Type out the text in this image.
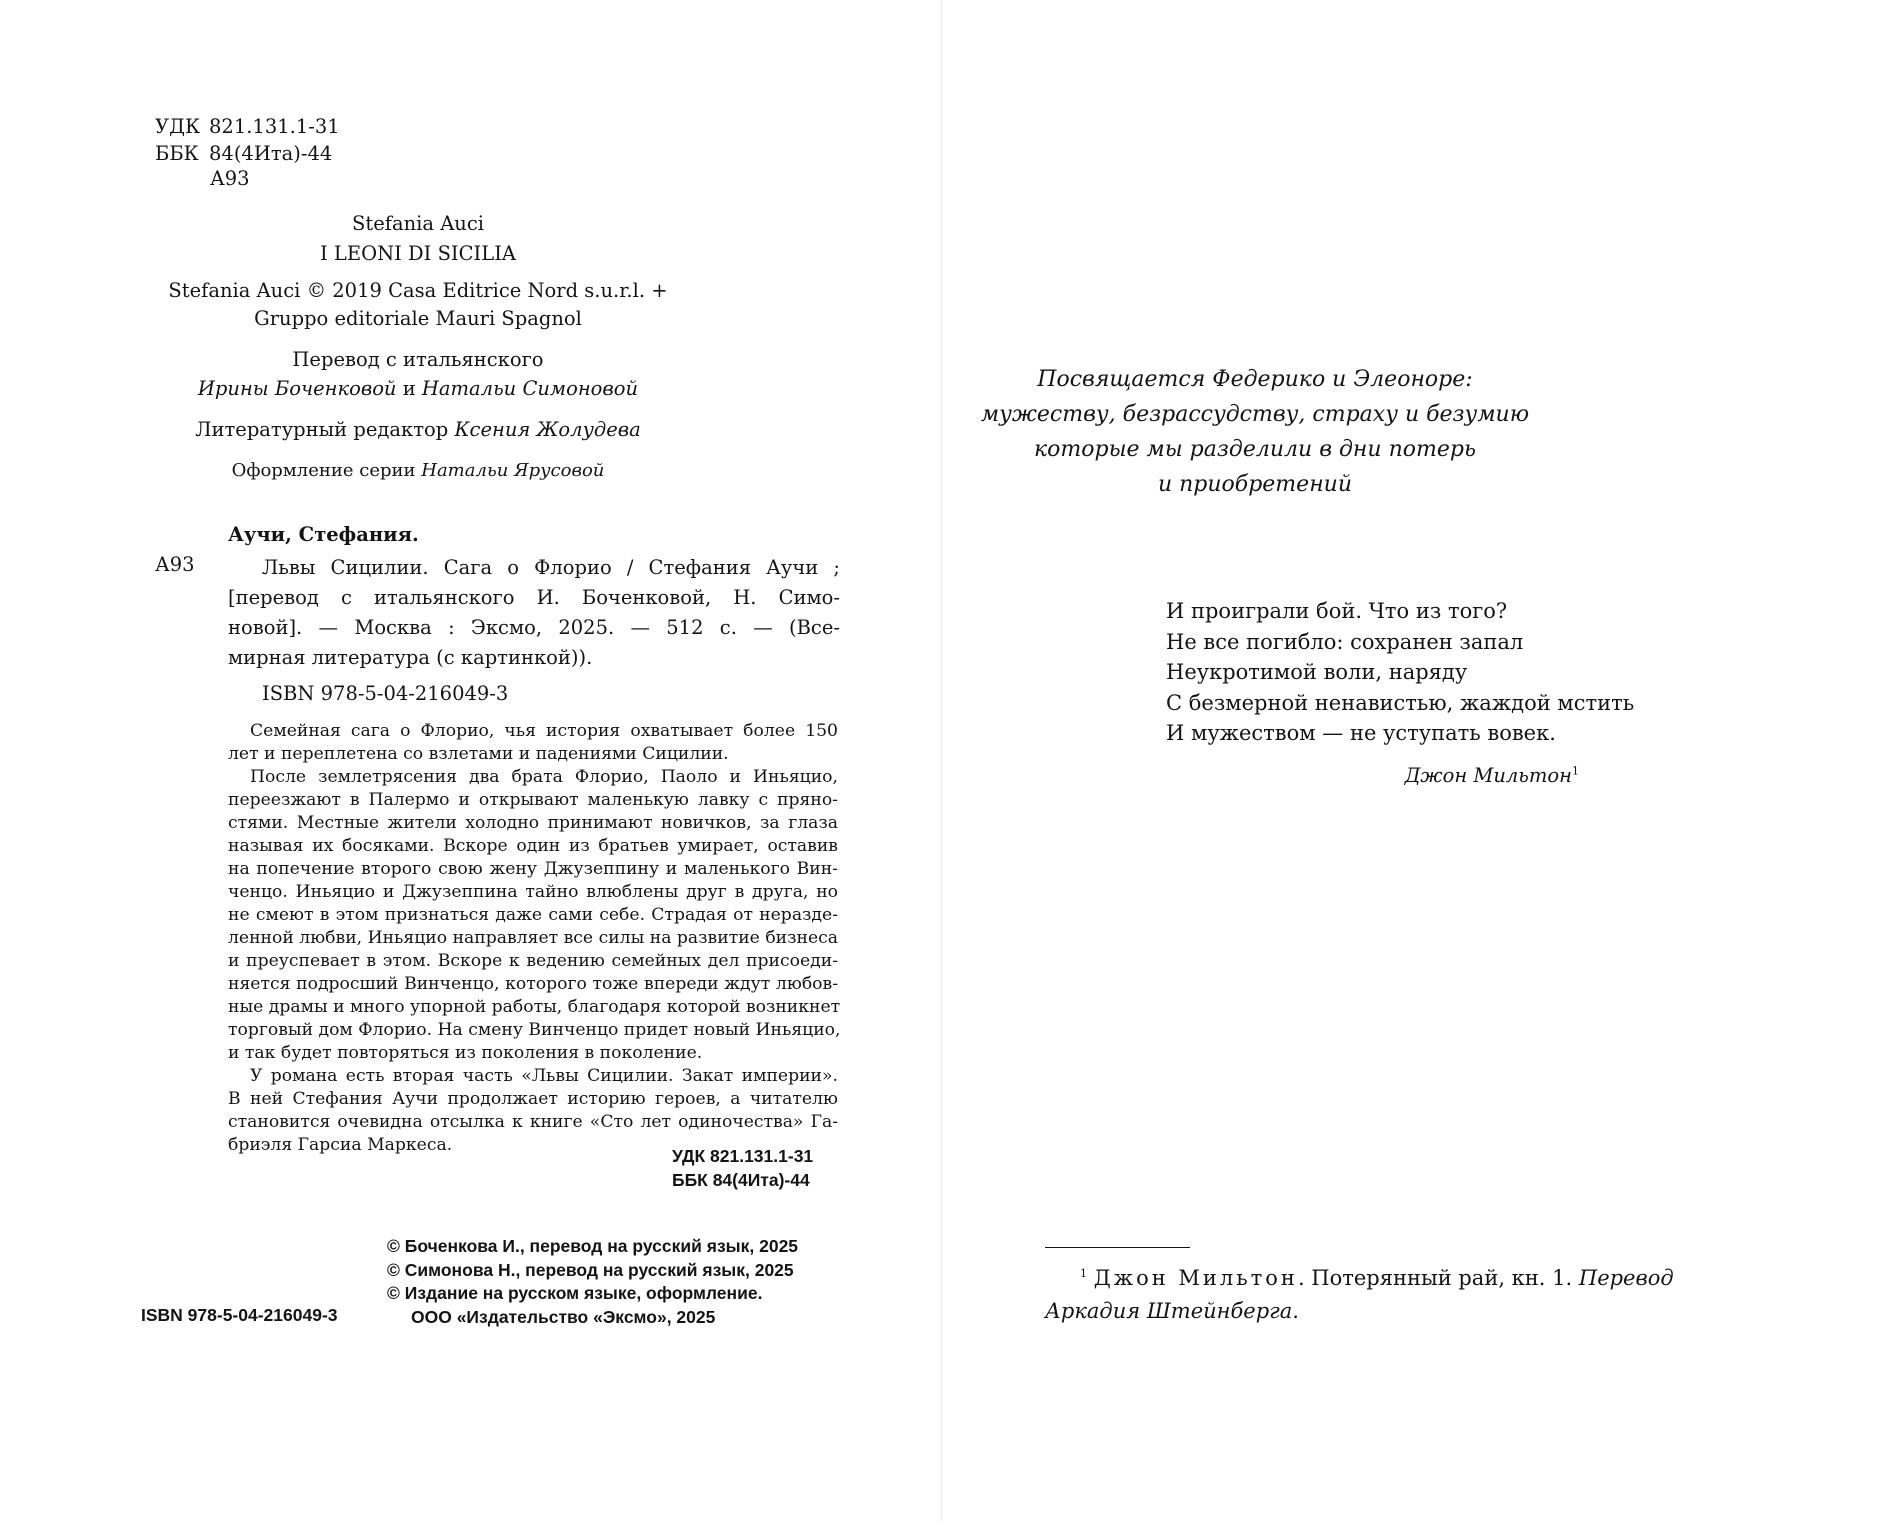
УДК 821.131.1-31
ББК 84(4Ита)-44
А93
Stefania Auci
I LEONI DI SICILIA
Stefania Auci © 2019 Casa Editrice Nord s.u.r.l. +
Gruppo editoriale Mauri Spagnol
Перевод с итальянского
Ирины Боченковой и Натальи Симоновой
Литературный редактор Ксения Жолудева
Оформление серии Натальи Ярусовой
Аучи, Стефания.
А93	Львы Сицилии. Сага о Флорио / Стефания Аучи ;
[перевод с итальянского И. Боченковой, Н. Симо-
новой]. — Москва : Эксмо, 2025. — 512 с. — (Все-
мирная литература (с картинкой)).
ISBN 978-5-04-216049-3
Семейная сага о Флорио, чья история охватывает более 150
лет и переплетена со взлетами и падениями Сицилии.
После землетрясения два брата Флорио, Паоло и Иньяцио,
переезжают в Палермо и открывают маленькую лавку с пряно-
стями. Местные жители холодно принимают новичков, за глаза
называя их босяками. Вскоре один из братьев умирает, оставив
на попечение второго свою жену Джузеппину и маленького Вин-
ченцо. Иньяцио и Джузеппина тайно влюблены друг в друга, но
не смеют в этом признаться даже сами себе. Страдая от неразде-
ленной любви, Иньяцио направляет все силы на развитие бизнеса
и преуспевает в этом. Вскоре к ведению семейных дел присоеди-
няется подросший Винченцо, которого тоже впереди ждут любов-
ные драмы и много упорной работы, благодаря которой возникнет
торговый дом Флорио. На смену Винченцо придет новый Иньяцио,
и так будет повторяться из поколения в поколение.
У романа есть вторая часть «Львы Сицилии. Закат империи».
В ней Стефания Аучи продолжает историю героев, а читателю
становится очевидна отсылка к книге «Сто лет одиночества» Га-
бриэля Гарсиа Маркеса.
УДК 821.131.1-31
ББК 84(4Ита)-44
© Боченкова И., перевод на русский язык, 2025
© Симонова Н., перевод на русский язык, 2025
© Издание на русском языке, оформление.
ООО «Издательство «Эксмо», 2025
ISBN 978-5-04-216049-3
Посвящается Федерико и Элеоноре:
мужеству, безрассудству, страху и безумию
которые мы разделили в дни потерь
и приобретений
И проиграли бой. Что из того?
Не все погибло: сохранен запал
Неукротимой воли, наряду
С безмерной ненавистью, жаждой мстить
И мужеством — не уступать вовек.
Джон Мильтон$^1$
$^1$ Джон Мильтон. Потерянный рай, кн. 1. Перевод
Аркадия Штейнберга.
